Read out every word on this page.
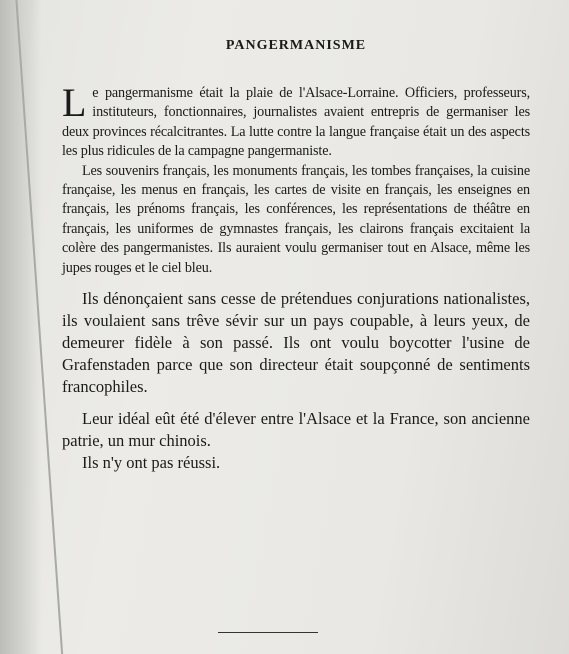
PANGERMANISME

Le pangermanisme était la plaie de l'Alsace-Lorraine. Officiers, professeurs, instituteurs, fonctionnaires, journalistes avaient entrepris de germaniser les deux provinces récalcitrantes. La lutte contre la langue française était un des aspects les plus ridicules de la campagne pangermaniste.

Les souvenirs français, les monuments français, les tombes françaises, la cuisine française, les menus en français, les cartes de visite en français, les enseignes en français, les prénoms français, les conférences, les représentations de théâtre en français, les uniformes de gymnastes français, les clairons français excitaient la colère des pangermanistes. Ils auraient voulu germaniser tout en Alsace, même les jupes rouges et le ciel bleu.

Ils dénonçaient sans cesse de prétendues conjurations nationalistes, ils voulaient sans trêve sévir sur un pays coupable, à leurs yeux, de demeurer fidèle à son passé. Ils ont voulu boycotter l'usine de Grafenstaden parce que son directeur était soupçonné de sentiments francophiles.

Leur idéal eût été d'élever entre l'Alsace et la France, son ancienne patrie, un mur chinois.

Ils n'y ont pas réussi.
